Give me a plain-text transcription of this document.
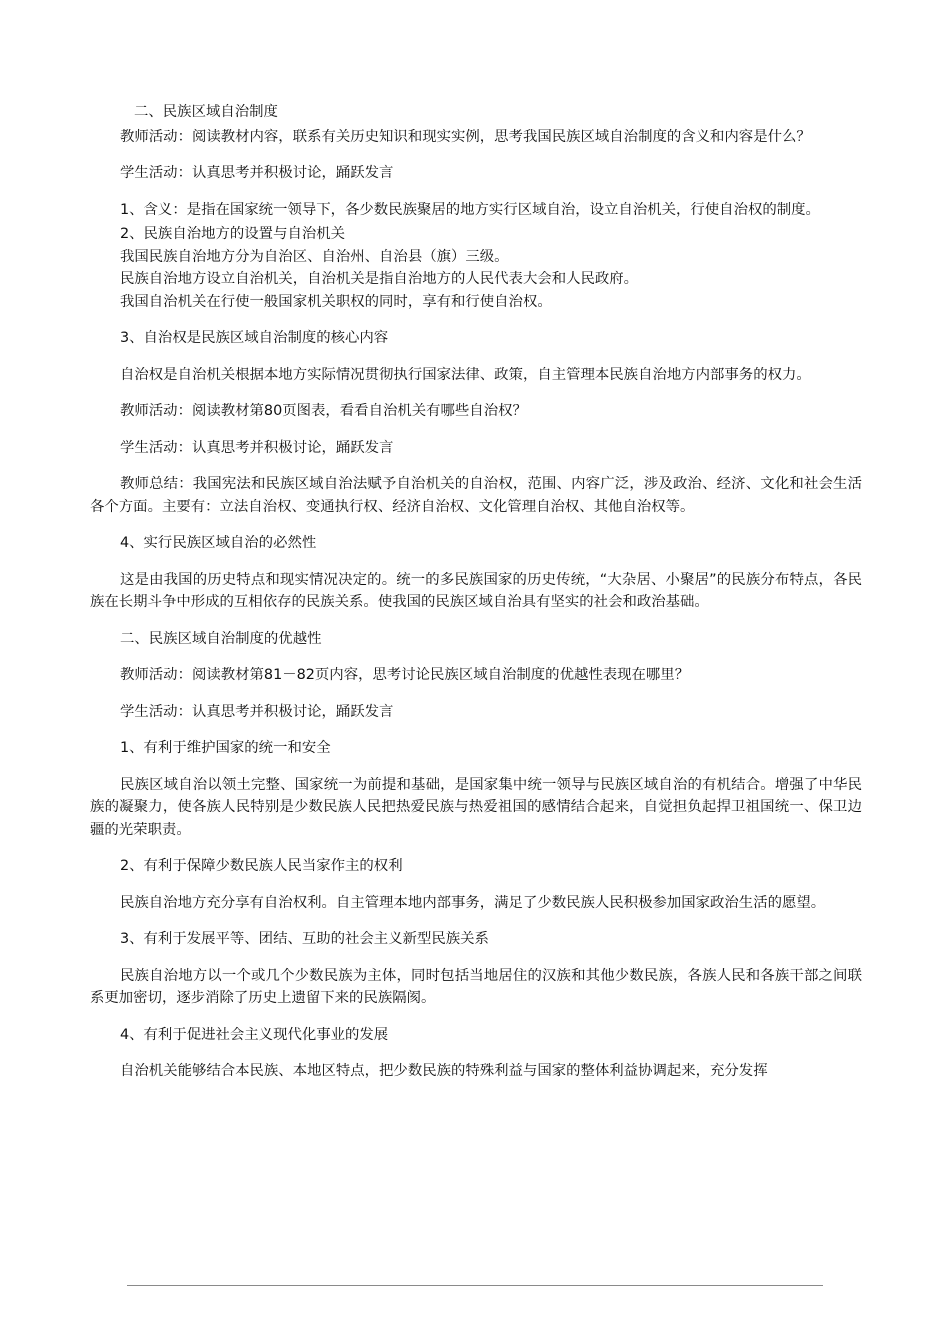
二、民族区域自治制度

教师活动：阅读教材内容，联系有关历史知识和现实实例，思考我国民族区域自治制度的含义和内容是什么？

学生活动：认真思考并积极讨论，踊跃发言

1、含义：是指在国家统一领导下，各少数民族聚居的地方实行区域自治，设立自治机关，行使自治权的制度。

2、民族自治地方的设置与自治机关

我国民族自治地方分为自治区、自治州、自治县（旗）三级。

民族自治地方设立自治机关，自治机关是指自治地方的人民代表大会和人民政府。

我国自治机关在行使一般国家机关职权的同时，享有和行使自治权。

3、自治权是民族区域自治制度的核心内容

自治权是自治机关根据本地方实际情况贯彻执行国家法律、政策，自主管理本民族自治地方内部事务的权力。

教师活动：阅读教材第80页图表，看看自治机关有哪些自治权？

学生活动：认真思考并积极讨论，踊跃发言

教师总结：我国宪法和民族区域自治法赋予自治机关的自治权，范围、内容广泛，涉及政治、经济、文化和社会生活各个方面。主要有：立法自治权、变通执行权、经济自治权、文化管理自治权、其他自治权等。

4、实行民族区域自治的必然性

这是由我国的历史特点和现实情况决定的。统一的多民族国家的历史传统，“大杂居、小聚居”的民族分布特点，各民族在长期斗争中形成的互相依存的民族关系。使我国的民族区域自治具有坚实的社会和政治基础。

二、民族区域自治制度的优越性

教师活动：阅读教材第81－82页内容，思考讨论民族区域自治制度的优越性表现在哪里？

学生活动：认真思考并积极讨论，踊跃发言

1、有利于维护国家的统一和安全

民族区域自治以领土完整、国家统一为前提和基础，是国家集中统一领导与民族区域自治的有机结合。增强了中华民族的凝聚力，使各族人民特别是少数民族人民把热爱民族与热爱祖国的感情结合起来，自觉担负起捍卫祖国统一、保卫边疆的光荣职责。

2、有利于保障少数民族人民当家作主的权利

民族自治地方充分享有自治权利。自主管理本地内部事务，满足了少数民族人民积极参加国家政治生活的愿望。

3、有利于发展平等、团结、互助的社会主义新型民族关系

民族自治地方以一个或几个少数民族为主体，同时包括当地居住的汉族和其他少数民族，各族人民和各族干部之间联系更加密切，逐步消除了历史上遗留下来的民族隔阂。

4、有利于促进社会主义现代化事业的发展

自治机关能够结合本民族、本地区特点，把少数民族的特殊利益与国家的整体利益协调起来，充分发挥
